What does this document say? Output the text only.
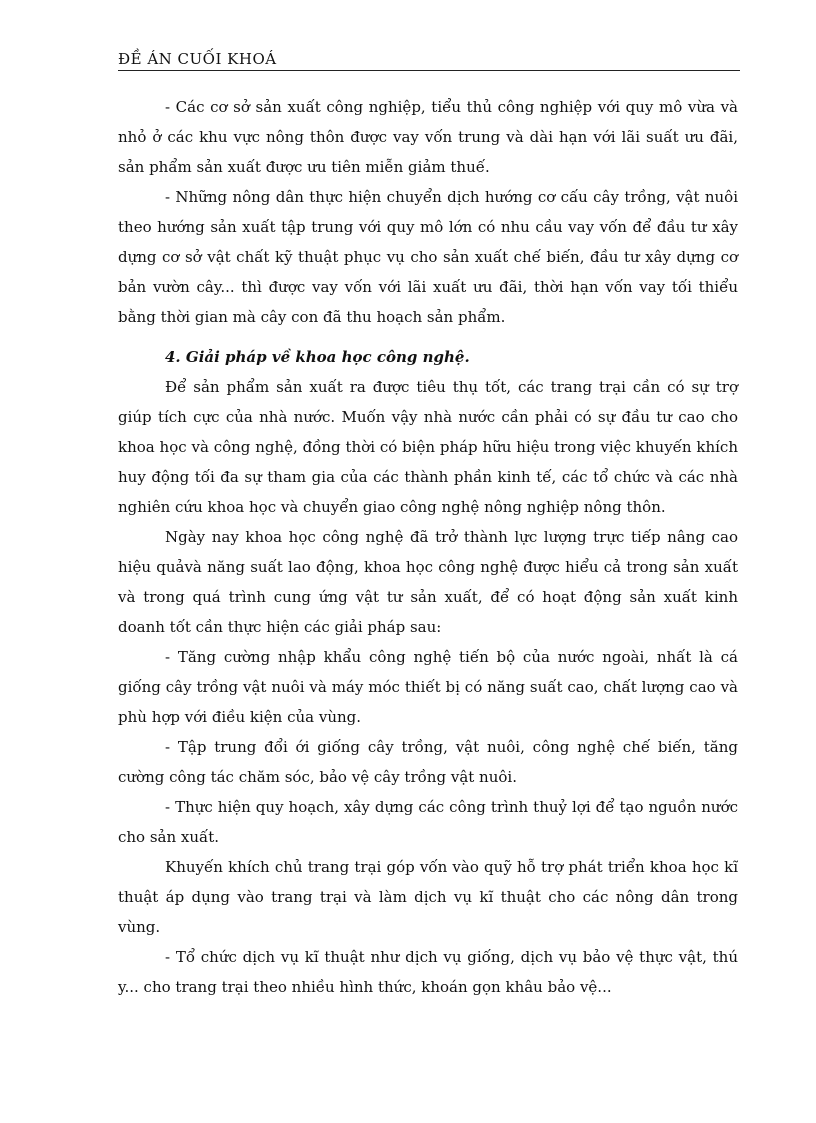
ĐỀ ÁN CUỐI KHOÁ

- Các cơ sở sản xuất công nghiệp, tiểu thủ công nghiệp với quy mô vừa và nhỏ ở các khu vực nông thôn được vay vốn trung và dài hạn với lãi suất ưu đãi, sản phẩm sản xuất được ưu tiên miễn giảm thuế.

- Những nông dân thực hiện chuyển dịch hướng cơ cấu cây trồng, vật nuôi theo hướng sản xuất tập trung với quy mô lớn có nhu cầu vay vốn để đầu tư xây dựng cơ sở vật chất kỹ thuật phục vụ cho sản xuất chế biến, đầu tư xây dựng cơ bản vườn cây... thì được vay vốn với lãi xuất ưu đãi, thời hạn vốn vay tối thiểu bằng thời gian mà cây con đã thu hoạch sản phẩm.

4. Giải pháp về khoa học công nghệ.

Để sản phẩm sản xuất ra được tiêu thụ tốt, các trang trại cần có sự trợ giúp tích cực của nhà nước. Muốn vậy nhà nước cần phải có sự đầu tư cao cho khoa học và công nghệ, đồng thời có biện pháp hữu hiệu trong việc khuyến khích huy động tối đa sự tham gia của các thành phần kinh tế, các tổ chức và các nhà nghiên cứu khoa học và chuyển giao công nghệ nông nghiệp nông thôn.

Ngày nay khoa học công nghệ đã trở thành lực lượng trực tiếp nâng cao hiệu quảvà năng suất lao động, khoa học công nghệ được hiểu cả trong sản xuất và trong quá trình cung ứng vật tư sản xuất, để có hoạt động sản xuất kinh doanh tốt cần thực hiện các giải pháp sau:

- Tăng cường nhập khẩu công nghệ tiến bộ của nước ngoài, nhất là cá giống cây trồng vật nuôi và máy móc thiết bị có năng suất cao, chất lượng cao và phù hợp với điều kiện của vùng.

- Tập trung đổi ới giống cây trồng, vật nuôi, công nghệ chế biến, tăng cường công tác chăm sóc, bảo vệ cây trồng vật nuôi.

- Thực hiện quy hoạch, xây dựng các công trình thuỷ lợi để tạo nguồn nước cho sản xuất.

Khuyến khích chủ trang trại góp vốn vào quỹ hỗ trợ phát triển khoa học kĩ thuật áp dụng vào trang trại và làm dịch vụ kĩ thuật cho các nông dân trong vùng.

- Tổ chức dịch vụ kĩ thuật như dịch vụ giống, dịch vụ bảo vệ thực vật, thú y... cho trang trại theo nhiều hình thức, khoán gọn khâu bảo vệ...
